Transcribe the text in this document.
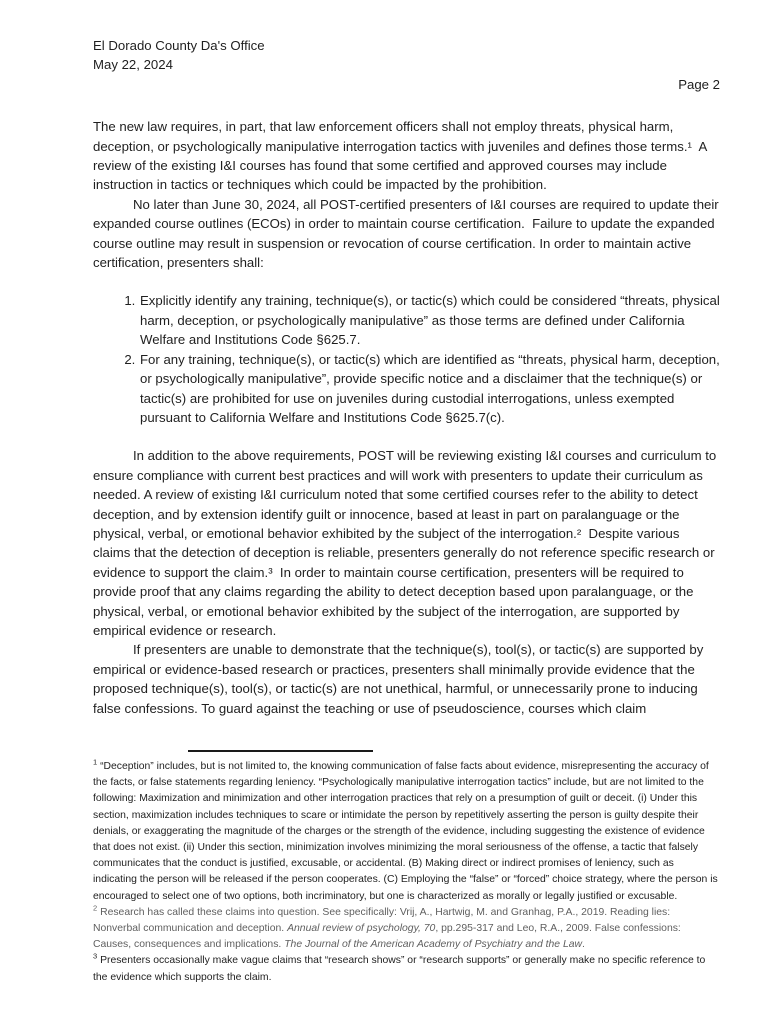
El Dorado County Da's Office
May 22, 2024
Page 2

The new law requires, in part, that law enforcement officers shall not employ threats, physical harm, deception, or psychologically manipulative interrogation tactics with juveniles and defines those terms.¹  A review of the existing I&I courses has found that some certified and approved courses may include instruction in tactics or techniques which could be impacted by the prohibition.

No later than June 30, 2024, all POST-certified presenters of I&I courses are required to update their expanded course outlines (ECOs) in order to maintain course certification.  Failure to update the expanded course outline may result in suspension or revocation of course certification. In order to maintain active certification, presenters shall:

1. Explicitly identify any training, technique(s), or tactic(s) which could be considered “threats, physical harm, deception, or psychologically manipulative” as those terms are defined under California Welfare and Institutions Code §625.7.
2. For any training, technique(s), or tactic(s) which are identified as “threats, physical harm, deception, or psychologically manipulative”, provide specific notice and a disclaimer that the technique(s) or tactic(s) are prohibited for use on juveniles during custodial interrogations, unless exempted pursuant to California Welfare and Institutions Code §625.7(c).

In addition to the above requirements, POST will be reviewing existing I&I courses and curriculum to ensure compliance with current best practices and will work with presenters to update their curriculum as needed. A review of existing I&I curriculum noted that some certified courses refer to the ability to detect deception, and by extension identify guilt or innocence, based at least in part on paralanguage or the physical, verbal, or emotional behavior exhibited by the subject of the interrogation.²  Despite various claims that the detection of deception is reliable, presenters generally do not reference specific research or evidence to support the claim.³  In order to maintain course certification, presenters will be required to provide proof that any claims regarding the ability to detect deception based upon paralanguage, or the physical, verbal, or emotional behavior exhibited by the subject of the interrogation, are supported by empirical evidence or research.

If presenters are unable to demonstrate that the technique(s), tool(s), or tactic(s) are supported by empirical or evidence-based research or practices, presenters shall minimally provide evidence that the proposed technique(s), tool(s), or tactic(s) are not unethical, harmful, or unnecessarily prone to inducing false confessions. To guard against the teaching or use of pseudoscience, courses which claim

$^1$ “Deception” includes, but is not limited to, the knowing communication of false facts about evidence, misrepresenting the accuracy of the facts, or false statements regarding leniency. “Psychologically manipulative interrogation tactics” include, but are not limited to the following: Maximization and minimization and other interrogation practices that rely on a presumption of guilt or deceit. (i) Under this section, maximization includes techniques to scare or intimidate the person by repetitively asserting the person is guilty despite their denials, or exaggerating the magnitude of the charges or the strength of the evidence, including suggesting the existence of evidence that does not exist. (ii) Under this section, minimization involves minimizing the moral seriousness of the offense, a tactic that falsely communicates that the conduct is justified, excusable, or accidental. (B) Making direct or indirect promises of leniency, such as indicating the person will be released if the person cooperates. (C) Employing the “false” or “forced” choice strategy, where the person is encouraged to select one of two options, both incriminatory, but one is characterized as morally or legally justified or excusable.

$^2$ Research has called these claims into question. See specifically: Vrij, A., Hartwig, M. and Granhag, P.A., 2019. Reading lies: Nonverbal communication and deception. Annual review of psychology, 70, pp.295-317 and Leo, R.A., 2009. False confessions: Causes, consequences and implications. The Journal of the American Academy of Psychiatry and the Law.

$^3$ Presenters occasionally make vague claims that “research shows” or “research supports” or generally make no specific reference to the evidence which supports the claim.
